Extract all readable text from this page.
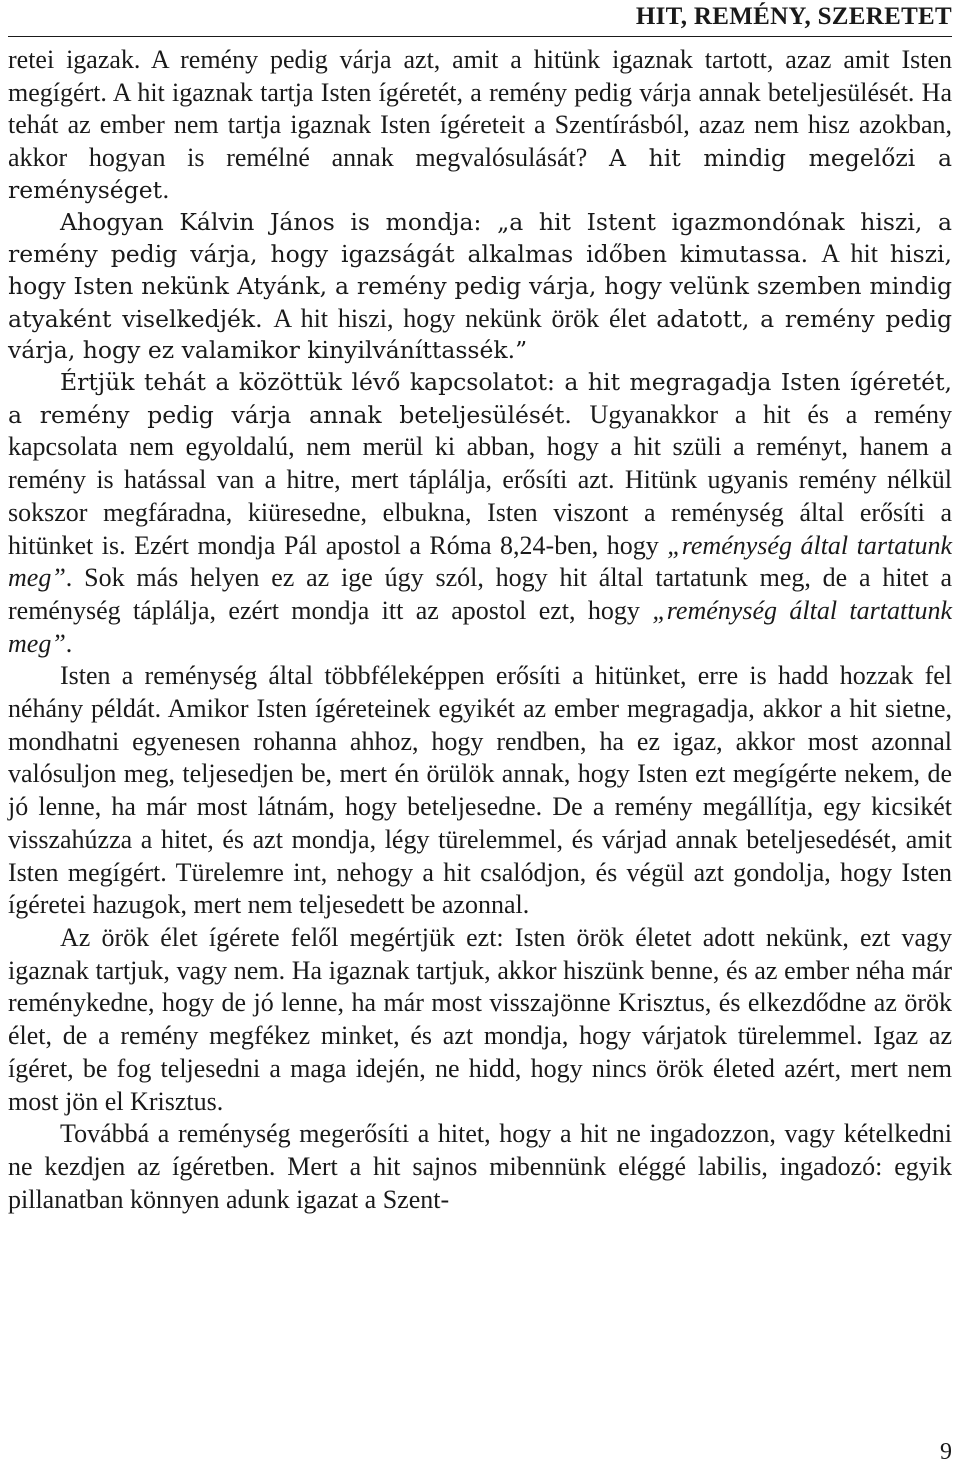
HIT, REMÉNY, SZERETET

retei igazak. A remény pedig várja azt, amit a hitünk igaznak tartott, azaz amit Isten megígért. A hit igaznak tartja Isten ígéretét, a remény pedig várja annak beteljesülését. Ha tehát az ember nem tartja igaznak Isten ígéreteit a Szentírásból, azaz nem hisz azokban, akkor hogyan is remélné annak megvalósulását? A hit mindig megelőzi a reménységet.

Ahogyan Kálvin János is mondja: „a hit Istent igazmondónak hiszi, a remény pedig várja, hogy igazságát alkalmas időben kimutassa. A hit hiszi, hogy Isten nekünk Atyánk, a remény pedig várja, hogy velünk szemben mindig atyaként viselkedjék. A hit hiszi, hogy nekünk örök élet adatott, a remény pedig várja, hogy ez valamikor kinyilváníttassék.”

Értjük tehát a közöttük lévő kapcsolatot: a hit megragadja Isten ígéretét, a remény pedig várja annak beteljesülését. Ugyanakkor a hit és a remény kapcsolata nem egyoldalú, nem merül ki abban, hogy a hit szüli a reményt, hanem a remény is hatással van a hitre, mert táplálja, erősíti azt. Hitünk ugyanis remény nélkül sokszor megfáradna, kiüresedne, elbukna, Isten viszont a reménység által erősíti a hitünket is. Ezért mondja Pál apostol a Róma 8,24-ben, hogy „reménység által tartatunk meg”. Sok más helyen ez az ige úgy szól, hogy hit által tartatunk meg, de a hitet a reménység táplálja, ezért mondja itt az apostol ezt, hogy „reménység által tartattunk meg”.

Isten a reménység által többféleképpen erősíti a hitünket, erre is hadd hozzak fel néhány példát. Amikor Isten ígéreteinek egyikét az ember megragadja, akkor a hit sietne, mondhatni egyenesen rohanna ahhoz, hogy rendben, ha ez igaz, akkor most azonnal valósuljon meg, teljesedjen be, mert én örülök annak, hogy Isten ezt megígérte nekem, de jó lenne, ha már most látnám, hogy beteljesedne. De a remény megállítja, egy kicsikét visszahúzza a hitet, és azt mondja, légy türelemmel, és várjad annak beteljesedését, amit Isten megígért. Türelemre int, nehogy a hit csalódjon, és végül azt gondolja, hogy Isten ígéretei hazugok, mert nem teljesedett be azonnal.

Az örök élet ígérete felől megértjük ezt: Isten örök életet adott nekünk, ezt vagy igaznak tartjuk, vagy nem. Ha igaznak tartjuk, akkor hiszünk benne, és az ember néha már reménykedne, hogy de jó lenne, ha már most visszajönne Krisztus, és elkezdődne az örök élet, de a remény megfékez minket, és azt mondja, hogy várjatok türelemmel. Igaz az ígéret, be fog teljesedni a maga idején, ne hidd, hogy nincs örök életed azért, mert nem most jön el Krisztus.

Továbbá a reménység megerősíti a hitet, hogy a hit ne ingadozzon, vagy kételkedni ne kezdjen az ígéretben. Mert a hit sajnos mibennünk eléggé labilis, ingadozó: egyik pillanatban könnyen adunk igazat a Szent-

9
